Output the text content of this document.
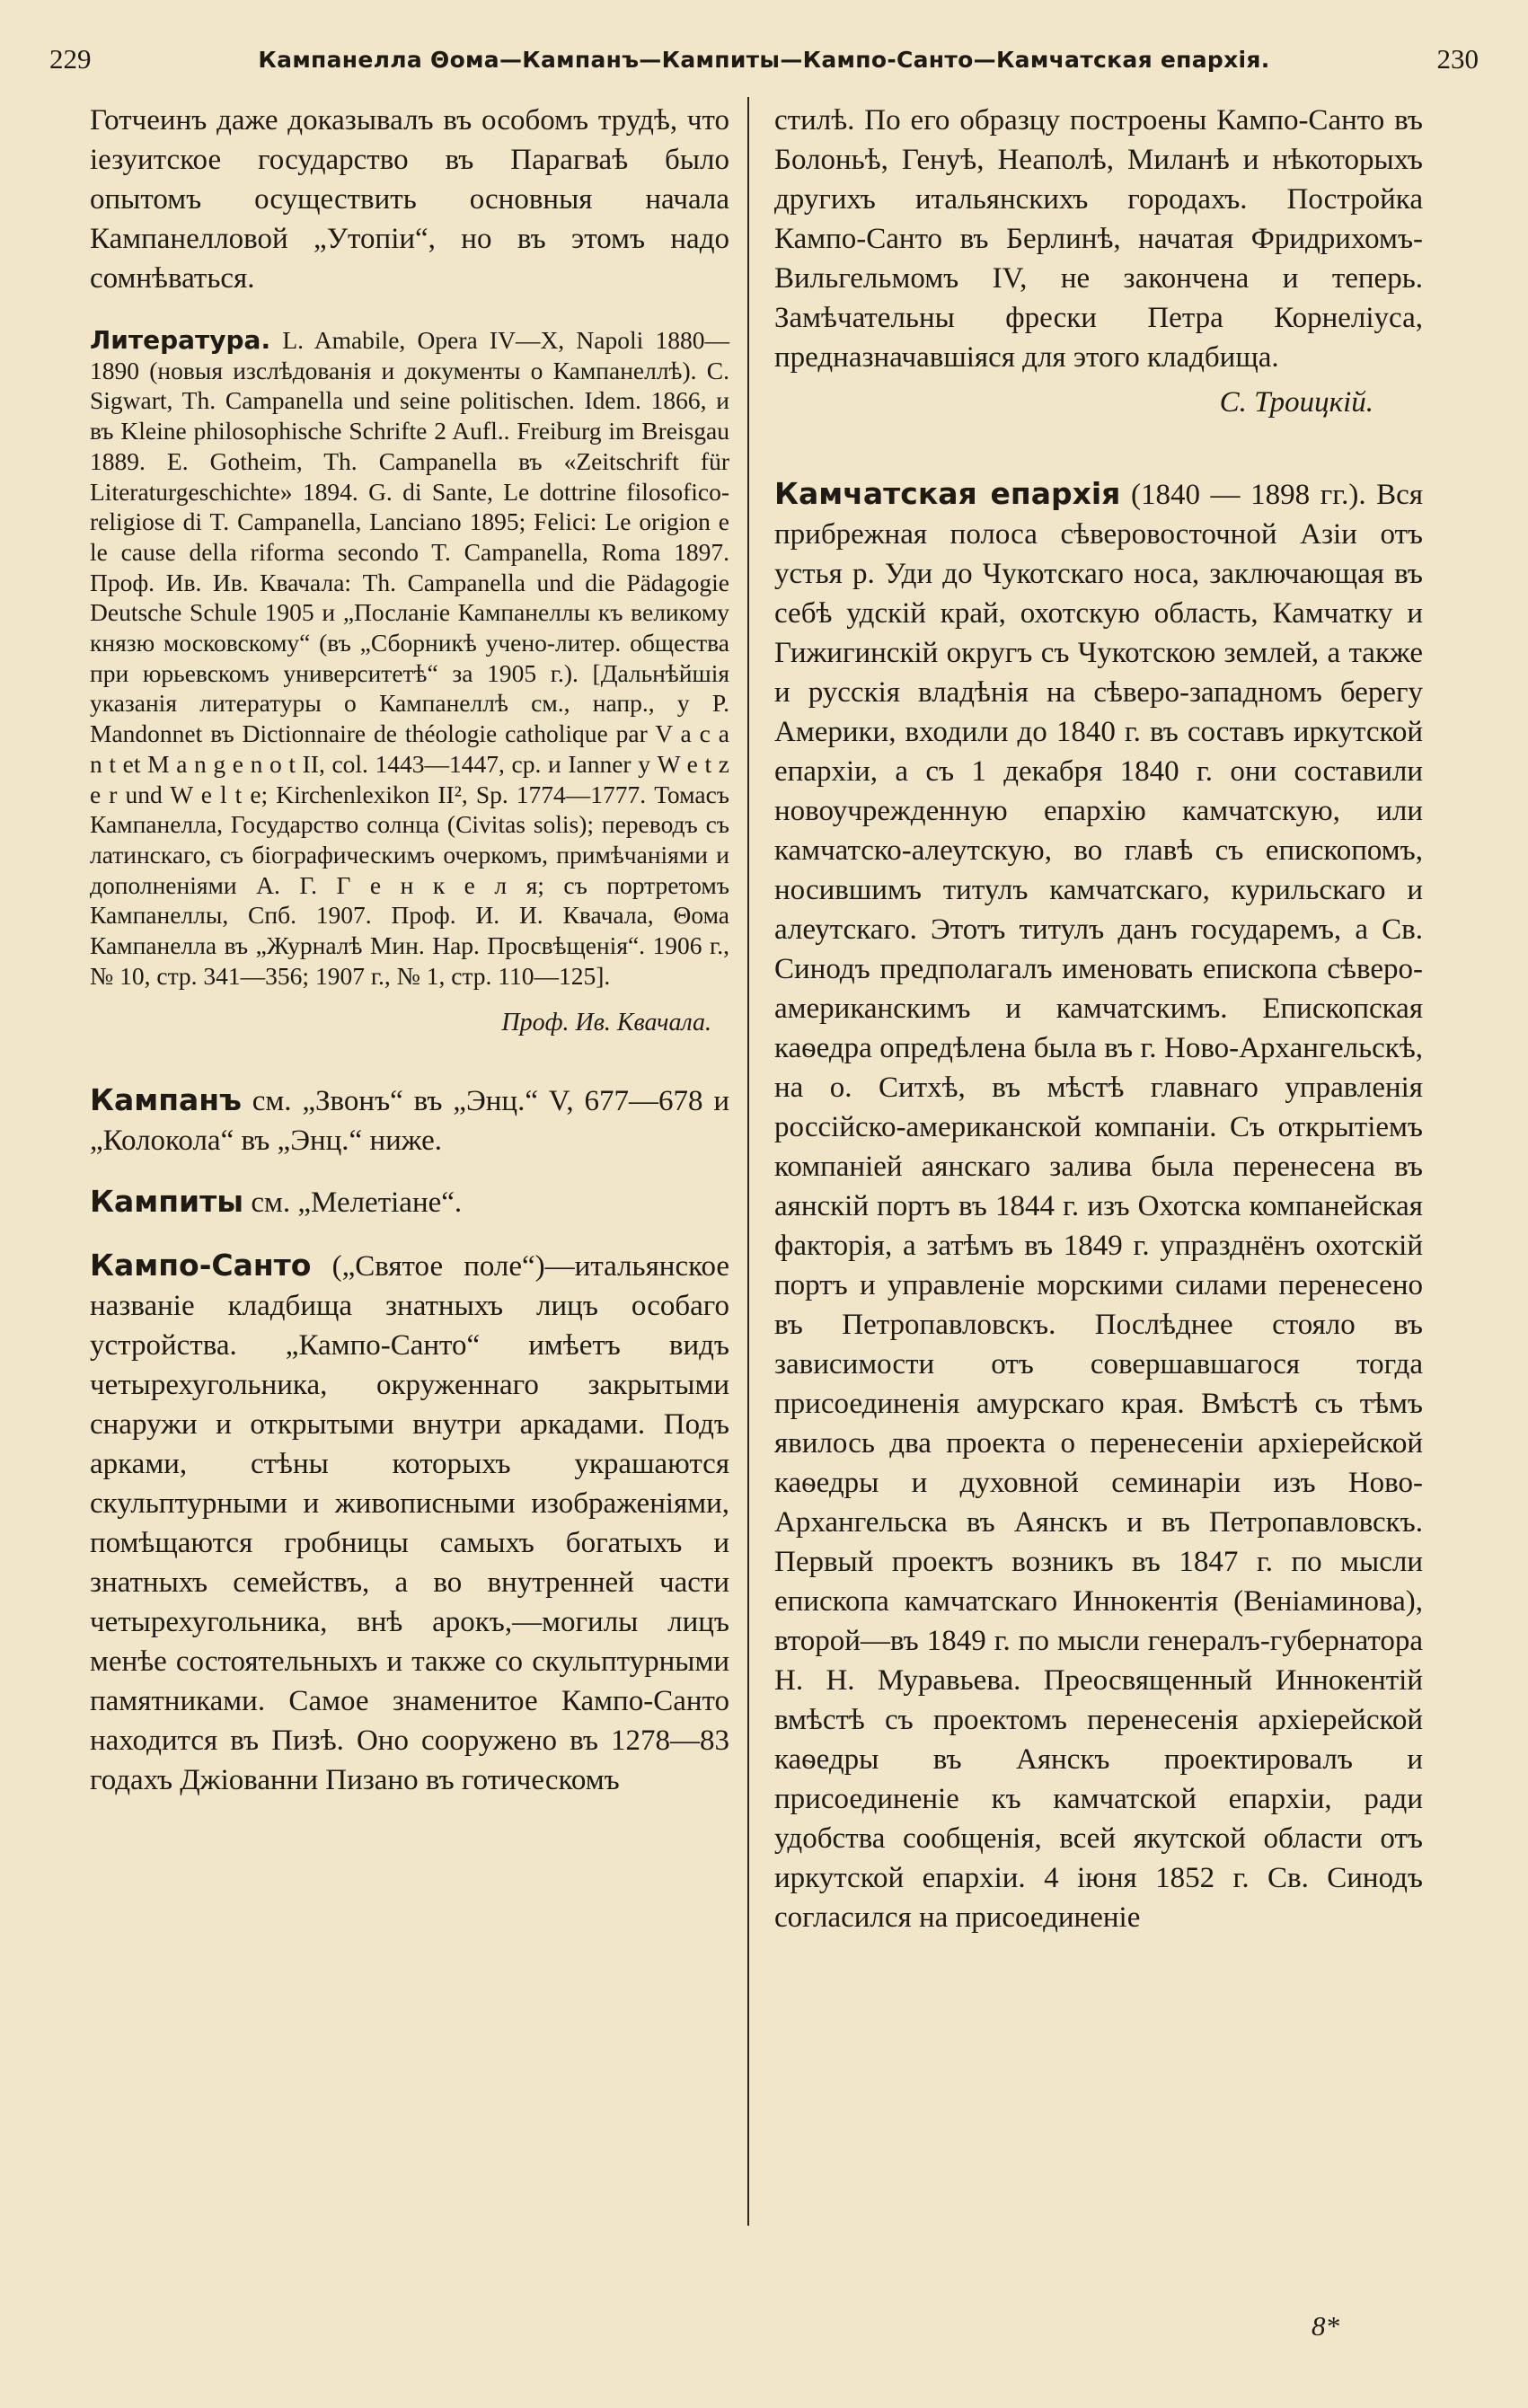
229	Кампанелла Θома—Кампанъ—Кампиты—Кампо-Санто—Камчатская епархія.	230

Готчеинъ даже доказывалъ въ особомъ трудѣ, что іезуитское государство въ Парагваѣ было опытомъ осуществить основныя начала Кампанелловой „Утопіи“, но въ этомъ надо сомнѣваться.

Литература. L. Amabile, Opera IV—X, Napoli 1880—1890 (новыя изслѣдованія и документы о Кампанеллѣ). C. Sigwart, Th. Campanella und seine politischen. Idem. 1866, и въ Kleine philosophische Schrifte 2 Aufl.. Freiburg im Breisgau 1889. E. Gothеim, Th. Campanella въ «Zeitschrift für Literaturgeschichte» 1894. G. di Sante, Le dottrine filosofico-religiose di T. Campanella, Lanciano 1895; Felici: Le origion e le cause della riforma secondo T. Campanella, Roma 1897. Проф. Ив. Ив. Квачала: Th. Campanella und die Pädagogie Deutsche Schule 1905 и „Посланіе Кампанеллы къ великому князю московскому“ (въ „Сборникѣ учено-литер. общества при юрьевскомъ университетѣ“ за 1905 г.). [Дальнѣйшія указанія литературы о Кампанеллѣ см., напр., у P. Mandonnet въ Dictionnaire de théologie catholique par V a c a n t et M a n g e n o t II, col. 1443—1447, ср. и Ianner у W e t z e r und W e l t e; Kirchenlexikon II², Sp. 1774—1777. Томасъ Кампанелла, Государство солнца (Civitas solis); переводъ съ латинскаго, съ біографическимъ очеркомъ, примѣчаніями и дополненіями А. Г. Г е н к е л я; съ портретомъ Кампанеллы, Спб. 1907. Проф. И. И. Квачала, Θома Кампанелла въ „Журналѣ Мин. Нар. Просвѣщенія“. 1906 г., № 10, стр. 341—356; 1907 г., № 1, стр. 110—125].

Проф. Ив. Квачала.

Кампанъ см. „Звонъ“ въ „Энц.“ V, 677—678 и „Колокола“ въ „Энц.“ ниже.

Кампиты см. „Мелетіане“.

Кампо-Санто („Святое поле“)—итальянское названіе кладбища знатныхъ лицъ особаго устройства. „Кампо-Санто“ имѣетъ видъ четырехугольника, окруженнаго закрытыми снаружи и открытыми внутри аркадами. Подъ арками, стѣны которыхъ украшаются скульптурными и живописными изображеніями, помѣщаются гробницы самыхъ богатыхъ и знатныхъ семействъ, а во внутренней части четырехугольника, внѣ арокъ,—могилы лицъ менѣе состоятельныхъ и также со скульптурными памятниками. Самое знаменитое Кампо-Санто находится въ Пизѣ. Оно сооружено въ 1278—83 годахъ Джіованни Пизано въ готическомъ

стилѣ. По его образцу построены Кампо-Санто въ Болоньѣ, Генуѣ, Неаполѣ, Миланѣ и нѣкоторыхъ другихъ итальянскихъ городахъ. Постройка Кампо-Санто въ Берлинѣ, начатая Фридрихомъ-Вильгельмомъ IV, не закончена и теперь. Замѣчательны фрески Петра Корнеліуса, предназначавшіяся для этого кладбища.

С. Троицкій.

Камчатская епархія (1840 — 1898 гг.). Вся прибрежная полоса сѣверовосточной Азіи отъ устья р. Уди до Чукотскаго носа, заключающая въ себѣ удскій край, охотскую область, Камчатку и Гижигинскій округъ съ Чукотскою землей, а также и русскія владѣнія на сѣверо-западномъ берегу Америки, входили до 1840 г. въ составъ иркутской епархіи, а съ 1 декабря 1840 г. они составили новоучрежденную епархію камчатскую, или камчатско-алеутскую, во главѣ съ епископомъ, носившимъ титулъ камчатскаго, курильскаго и алеутскаго. Этотъ титулъ данъ государемъ, а Св. Синодъ предполагалъ именовать епископа сѣверо-американскимъ и камчатскимъ. Епископская каѳедра опредѣлена была въ г. Ново-Архангельскѣ, на о. Ситхѣ, въ мѣстѣ главнаго управленія россійско-американской компаніи. Съ открытіемъ компаніей аянскаго залива была перенесена въ аянскій портъ въ 1844 г. изъ Охотска компанейская факторія, а затѣмъ въ 1849 г. упразднёнъ охотскій портъ и управленіе морскими силами перенесено въ Петропавловскъ. Послѣднее стояло въ зависимости отъ совершавшагося тогда присоединенія амурскаго края. Вмѣстѣ съ тѣмъ явилось два проекта о перенесеніи архіерейской каѳедры и духовной семинаріи изъ Ново-Архангельска въ Аянскъ и въ Петропавловскъ. Первый проектъ возникъ въ 1847 г. по мысли епископа камчатскаго Иннокентія (Веніаминова), второй—въ 1849 г. по мысли генералъ-губернатора Н. Н. Муравьева. Преосвященный Иннокентій вмѣстѣ съ проектомъ перенесенія архіерейской каѳедры въ Аянскъ проектировалъ и присоединеніе къ камчатской епархіи, ради удобства сообщенія, всей якутской области отъ иркутской епархіи. 4 іюня 1852 г. Св. Синодъ согласился на присоединеніе

8*
